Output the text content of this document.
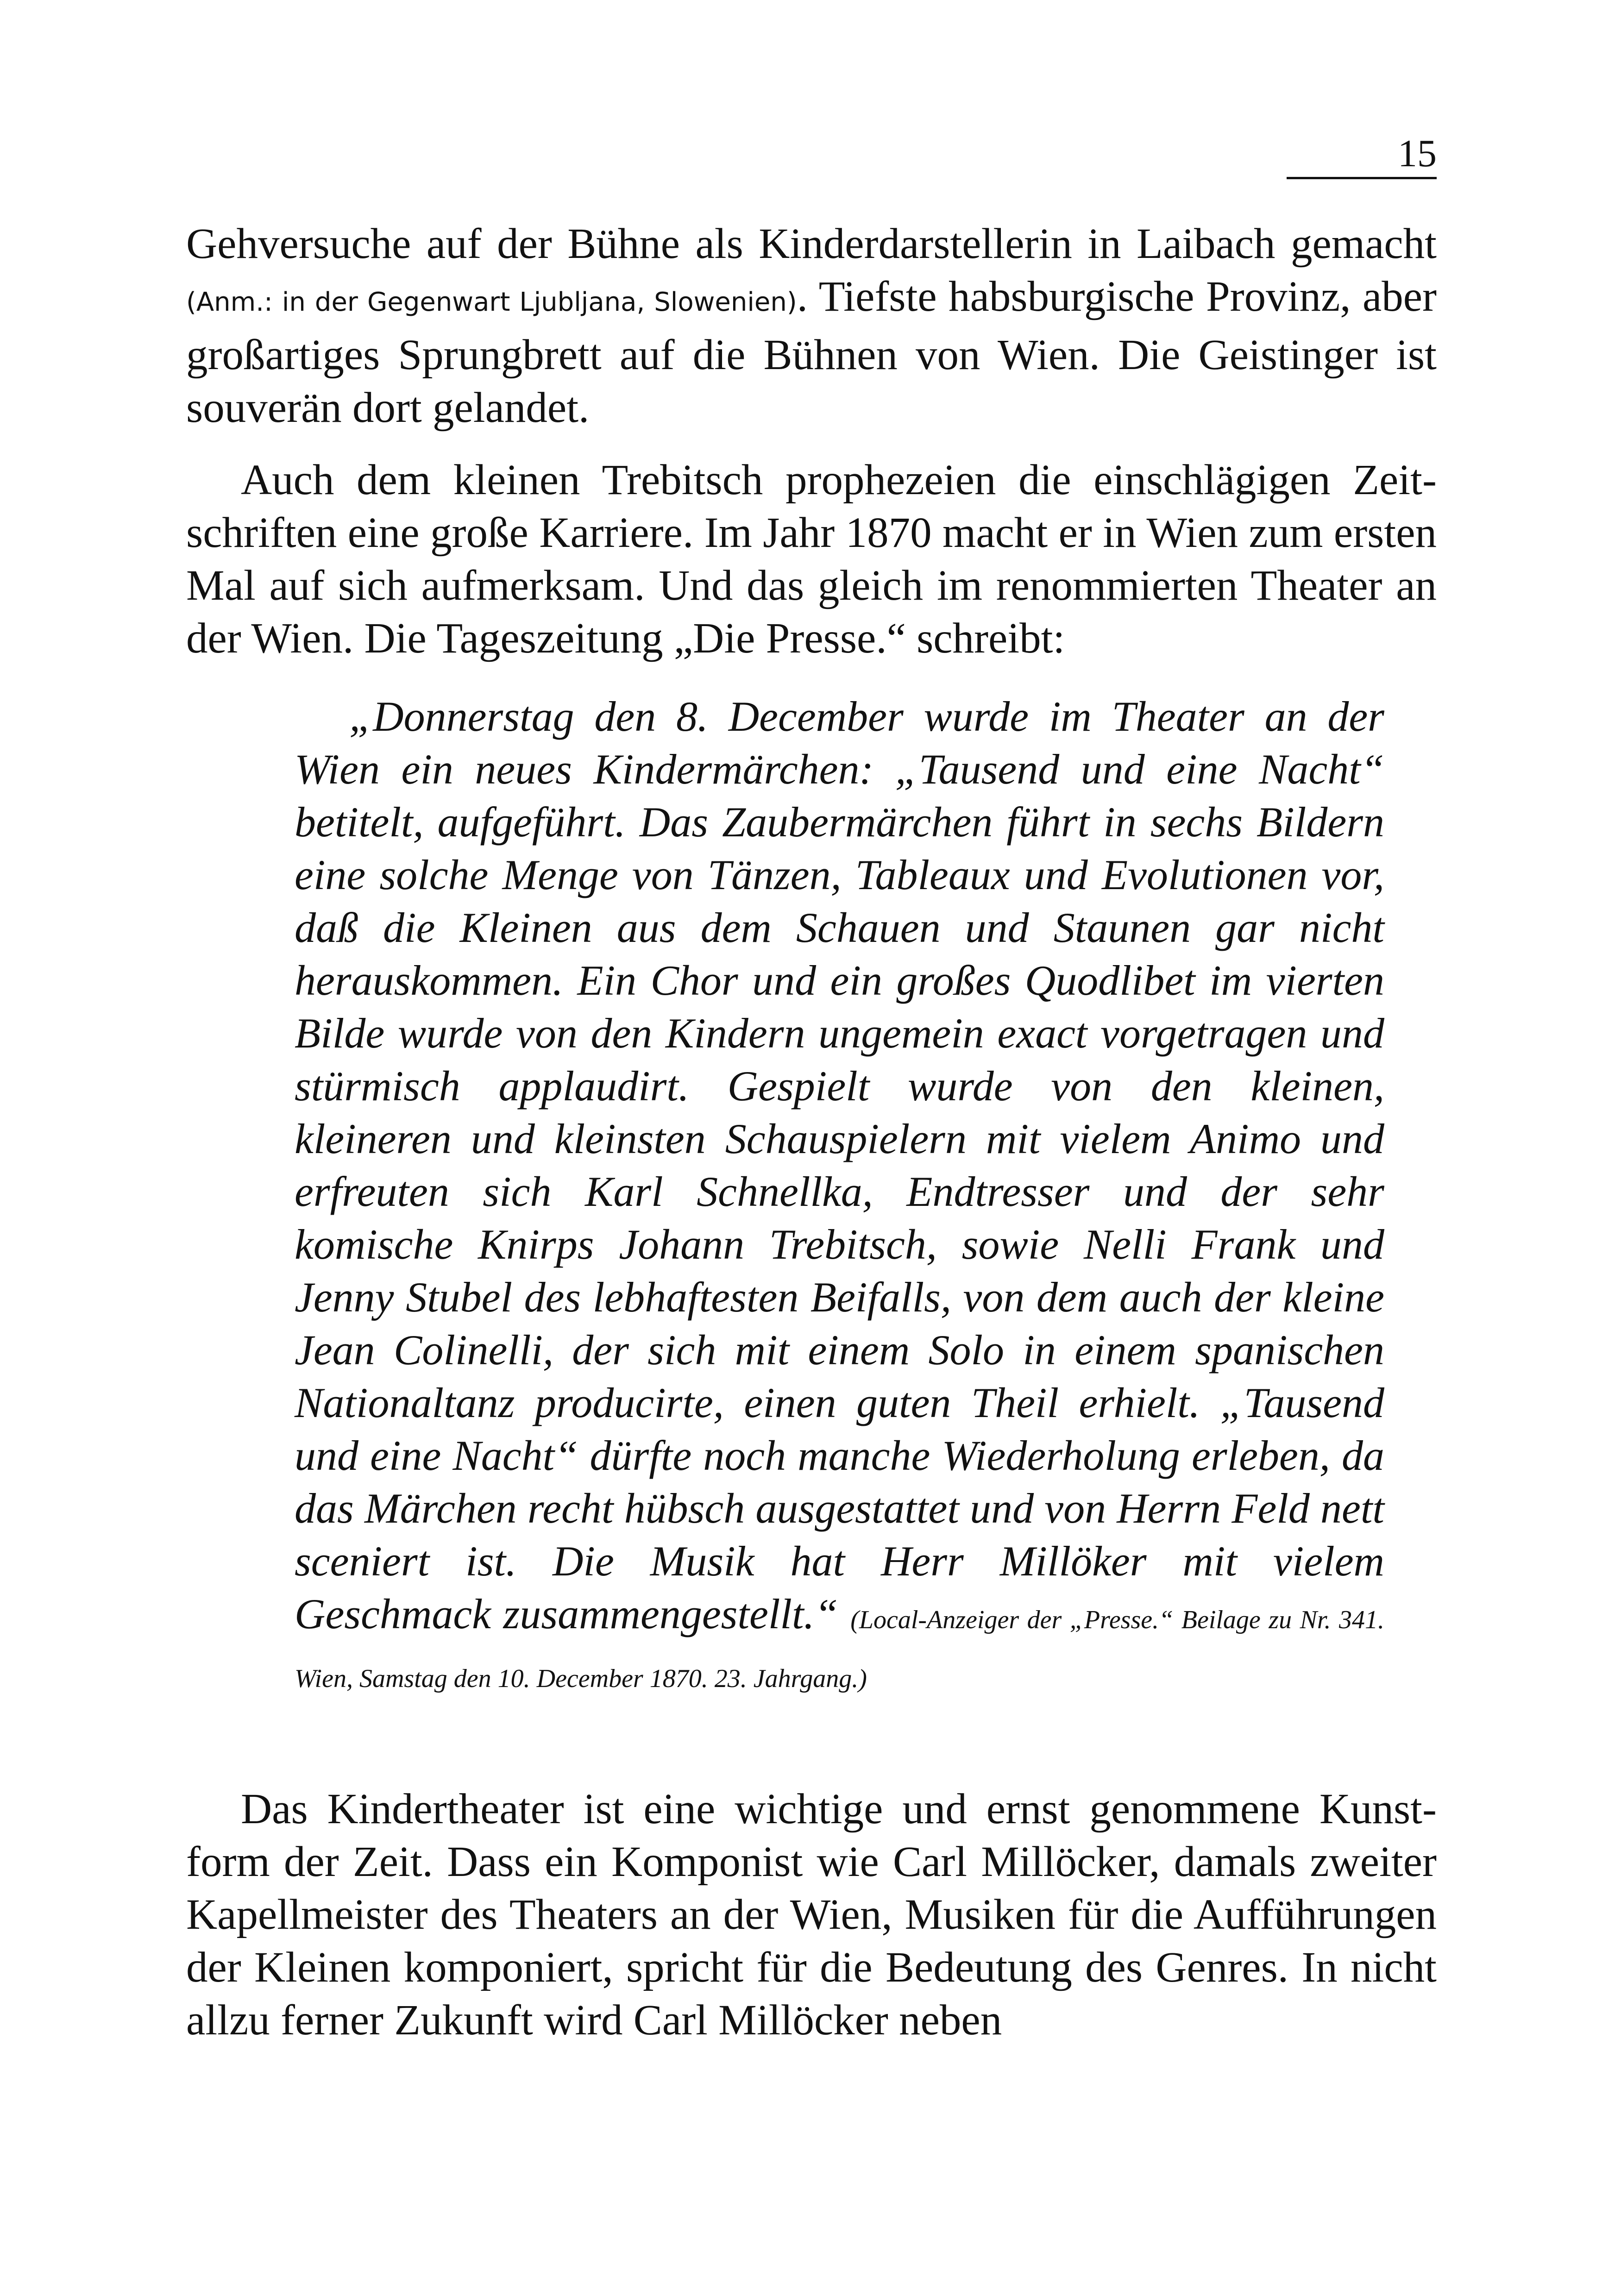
15

Gehversuche auf der Bühne als Kinderdarstellerin in Laibach gemacht (Anm.: in der Gegenwart Ljubljana, Slowenien). Tiefste habsburgische Provinz, aber großartiges Sprungbrett auf die Bühnen von Wien. Die Geistinger ist souverän dort gelandet.

Auch dem kleinen Trebitsch prophezeien die einschlägigen Zeitschriften eine große Karriere. Im Jahr 1870 macht er in Wien zum ersten Mal auf sich aufmerksam. Und das gleich im renommierten Theater an der Wien. Die Tageszeitung „Die Presse.“ schreibt:

„Donnerstag den 8. December wurde im Theater an der Wien ein neues Kindermärchen: „Tausend und eine Nacht“ betitelt, aufgeführt. Das Zaubermärchen führt in sechs Bildern eine solche Menge von Tänzen, Tableaux und Evolutionen vor, daß die Kleinen aus dem Schauen und Staunen gar nicht herauskommen. Ein Chor und ein großes Quodlibet im vierten Bilde wurde von den Kindern ungemein exact vorgetragen und stürmisch applaudirt. Gespielt wurde von den kleinen, kleineren und kleinsten Schauspielern mit vielem Animo und erfreuten sich Karl Schnellka, Endtresser und der sehr komische Knirps Johann Trebitsch, sowie Nelli Frank und Jenny Stubel des lebhaftesten Beifalls, von dem auch der kleine Jean Colinelli, der sich mit einem Solo in einem spanischen Nationaltanz producirte, einen guten Theil erhielt. „Tausend und eine Nacht“ dürfte noch manche Wiederholung erleben, da das Märchen recht hübsch ausgestattet und von Herrn Feld nett sceniert ist. Die Musik hat Herr Millöker mit vielem Geschmack zusammengestellt.“ (Local-Anzeiger der „Presse.“ Beilage zu Nr. 341. Wien, Samstag den 10. December 1870. 23. Jahrgang.)

Das Kindertheater ist eine wichtige und ernst genommene Kunstform der Zeit. Dass ein Komponist wie Carl Millöcker, damals zweiter Kapellmeister des Theaters an der Wien, Musiken für die Aufführungen der Kleinen komponiert, spricht für die Bedeutung des Genres. In nicht allzu ferner Zukunft wird Carl Millöcker neben
